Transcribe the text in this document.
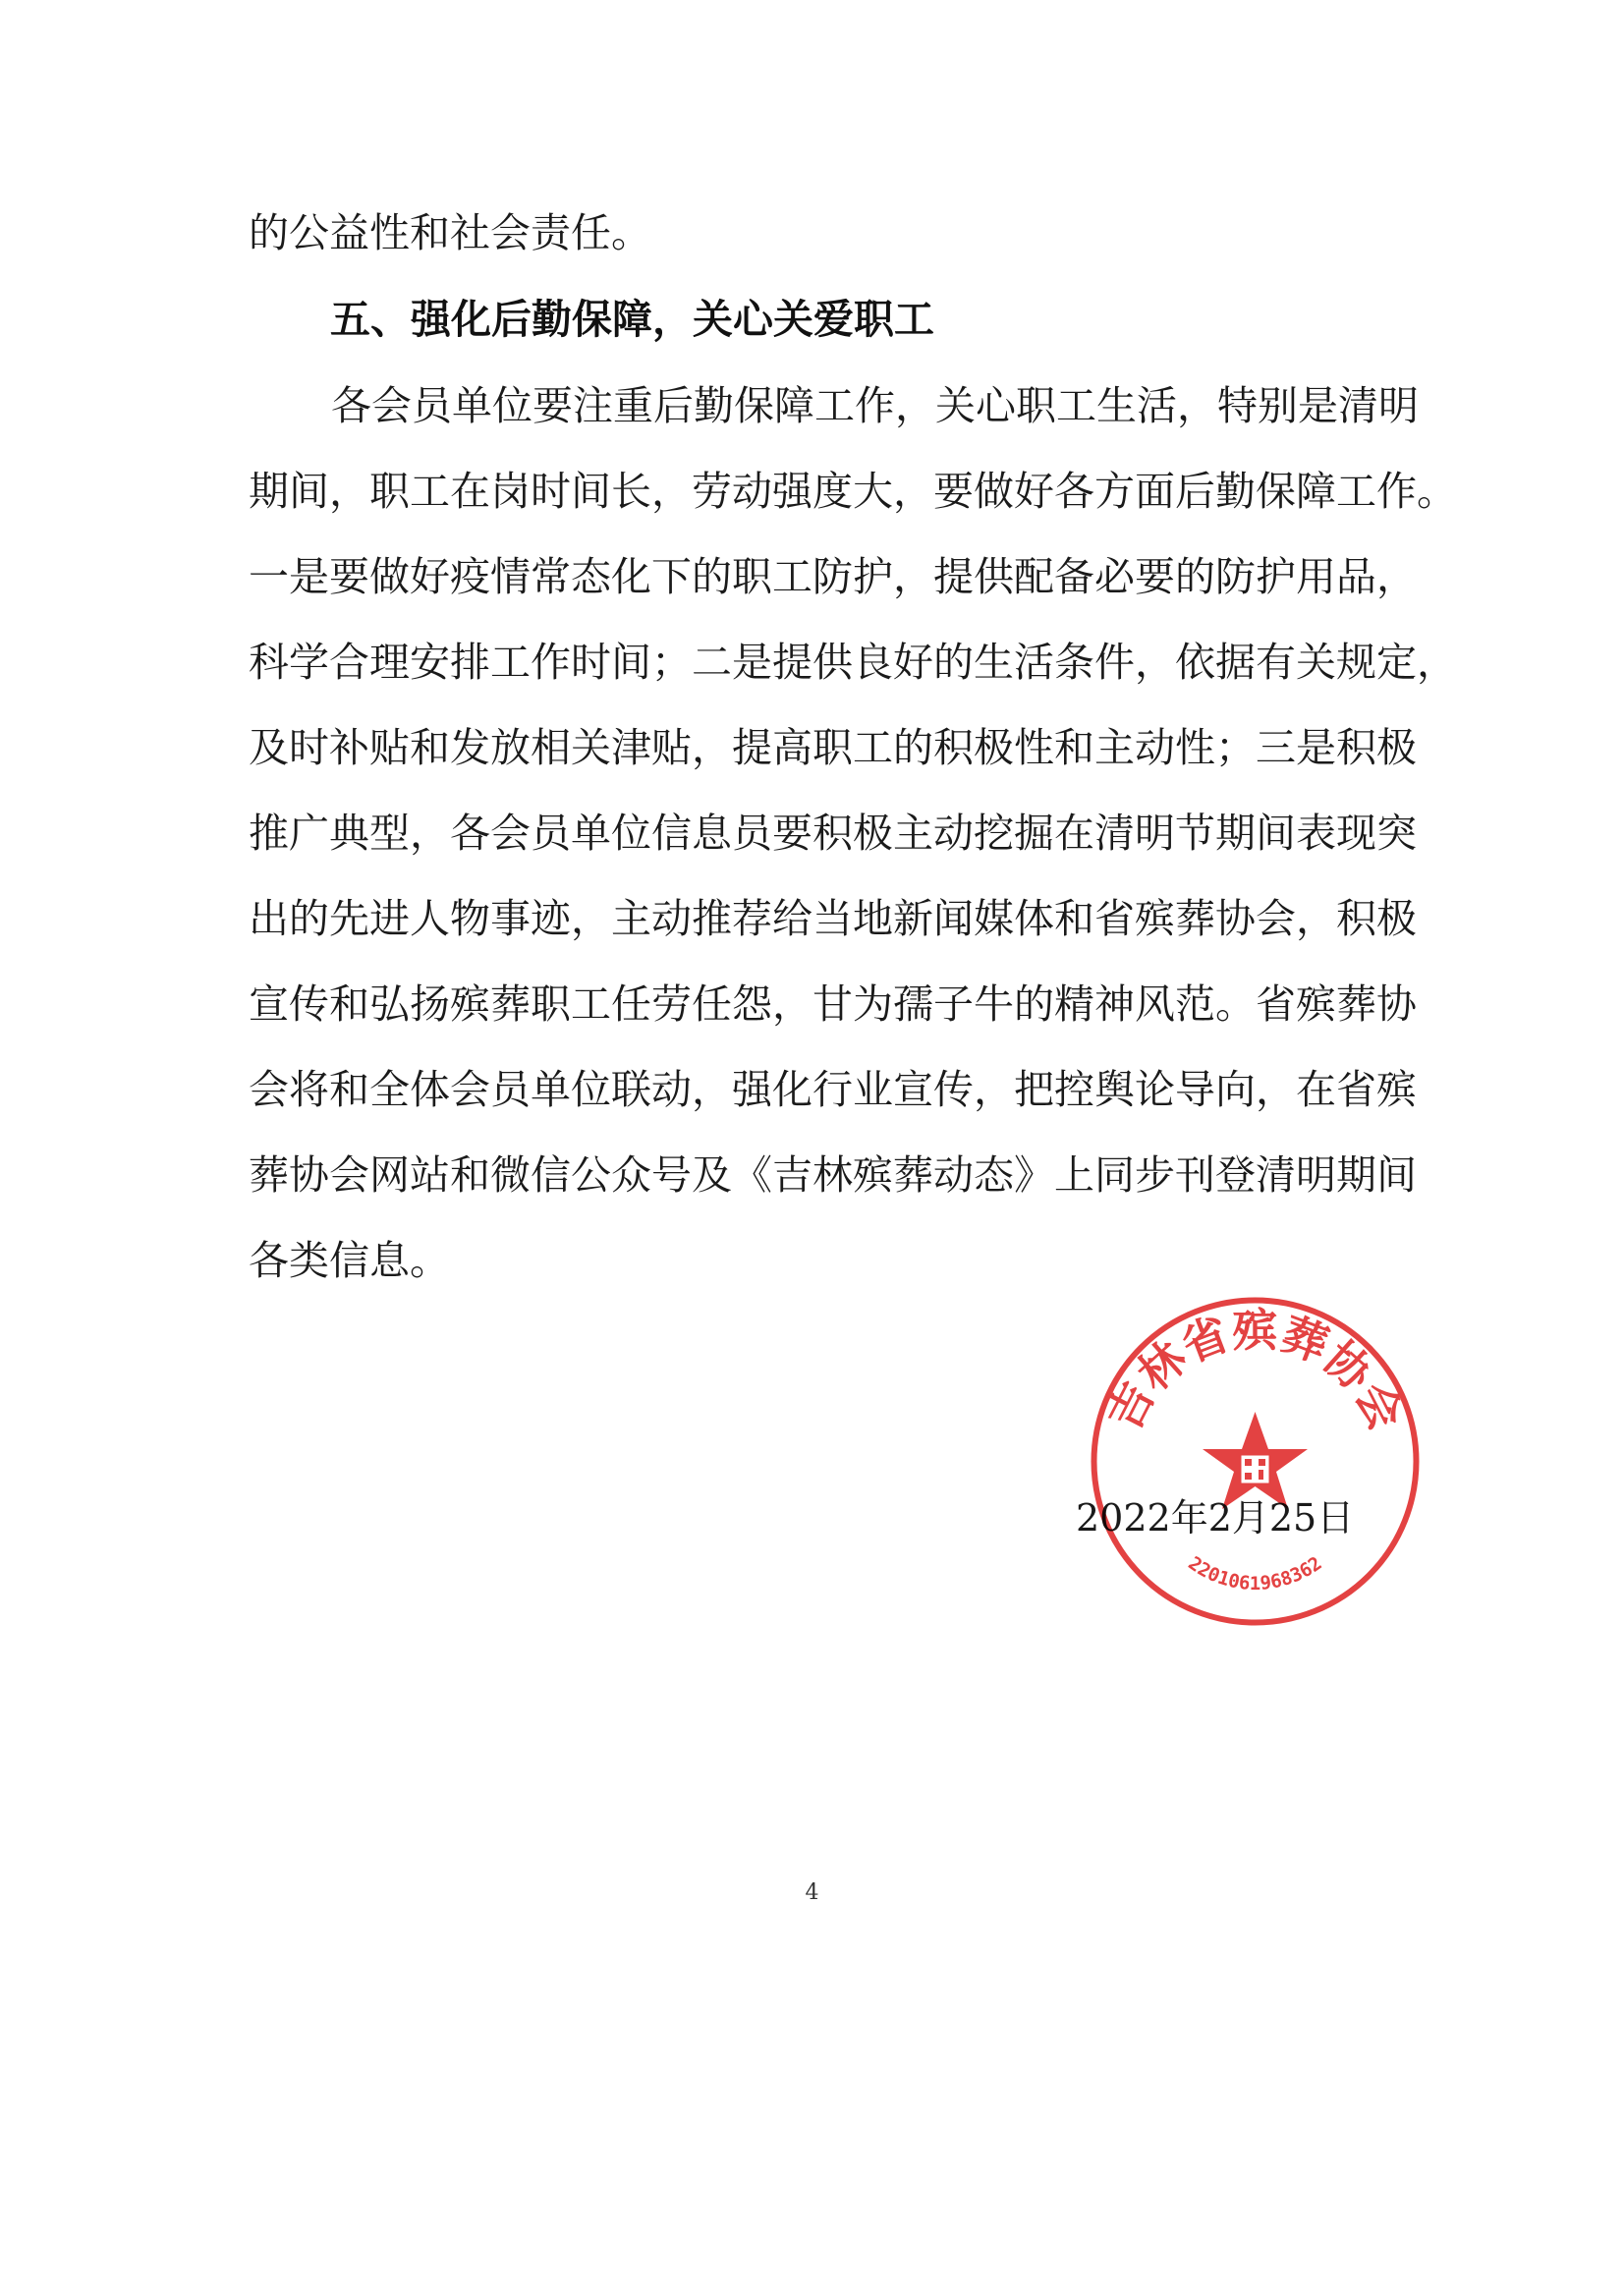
的公益性和社会责任。
五、强化后勤保障，关心关爱职工
各会员单位要注重后勤保障工作，关心职工生活，特别是清明
期间，职工在岗时间长，劳动强度大，要做好各方面后勤保障工作。
一是要做好疫情常态化下的职工防护，提供配备必要的防护用品，
科学合理安排工作时间；二是提供良好的生活条件，依据有关规定，
及时补贴和发放相关津贴，提高职工的积极性和主动性；三是积极
推广典型，各会员单位信息员要积极主动挖掘在清明节期间表现突
出的先进人物事迹，主动推荐给当地新闻媒体和省殡葬协会，积极
宣传和弘扬殡葬职工任劳任怨，甘为孺子牛的精神风范。省殡葬协
会将和全体会员单位联动，强化行业宣传，把控舆论导向，在省殡
葬协会网站和微信公众号及《吉林殡葬动态》上同步刊登清明期间
各类信息。
2022年2月25日
吉林省殡葬协会
2201061968362
4
